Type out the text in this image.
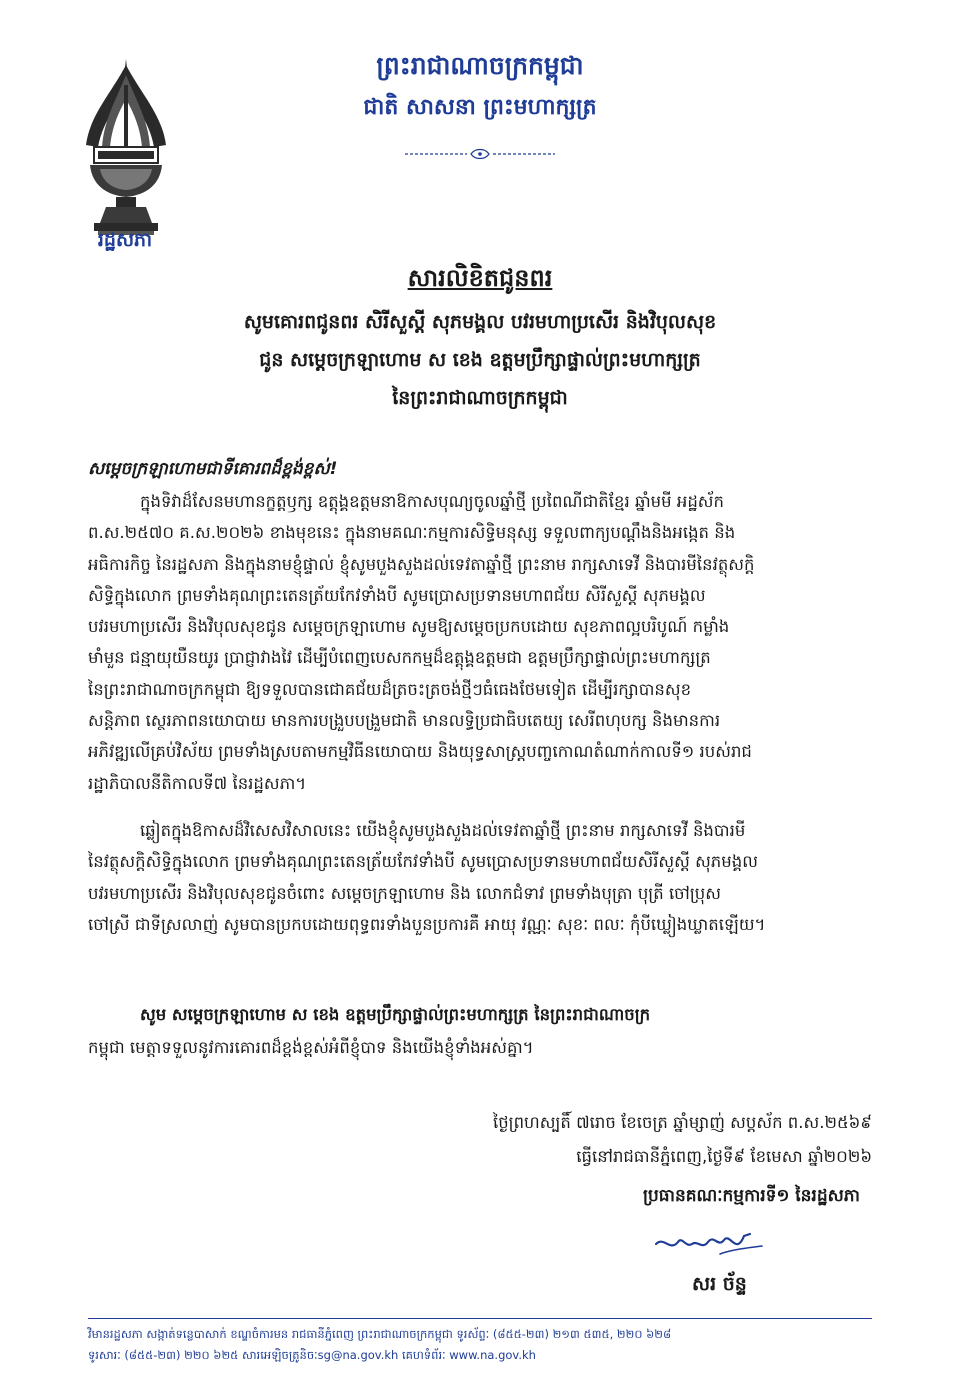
រដ្ឋសភា
ព្រះរាជាណាចក្រកម្ពុជា
ជាតិ សាសនា ព្រះមហាក្សត្រ
សារលិខិតជូនពរ
សូមគោរពជូនពរ សិរីសួស្តី សុភមង្គល បវរមហាប្រសើរ និងវិបុលសុខ
ជូន សម្តេចក្រឡាហោម ស ខេង ឧត្តមប្រឹក្សាផ្ទាល់ព្រះមហាក្សត្រ
នៃព្រះរាជាណាចក្រកម្ពុជា
សម្តេចក្រឡាហោមជាទីគោរពដ៏ខ្ពង់ខ្ពស់!
ក្នុងទិវាដ៏សែនមហានក្ខត្តឫក្ស ឧត្តុង្គឧត្តមនាឱកាសបុណ្យចូលឆ្នាំថ្មី ប្រពៃណីជាតិខ្មែរ ឆ្នាំមមី អដ្ឋស័ក
ព.ស.២៥៧០ គ.ស.២០២៦ ខាងមុខនេះ ក្នុងនាមគណៈកម្មការសិទ្ធិមនុស្ស ទទួលពាក្យបណ្តឹងនិងអង្កេត និង
អធិការកិច្ច នៃរដ្ឋសភា និងក្នុងនាមខ្ញុំផ្ទាល់ ខ្ញុំសូមបួងសួងដល់ទេវតាឆ្នាំថ្មី ព្រះនាម រាក្សសាទេវី និងបារមីនៃវត្ថុសក្តិ
សិទ្ធិក្នុងលោក ព្រមទាំងគុណព្រះតេនត្រ័យកែវទាំងបី សូមប្រោសប្រទានមហាពជ័យ សិរីសួស្តី សុភមង្គល
បវរមហាប្រសើរ និងវិបុលសុខជូន សម្តេចក្រឡាហោម សូមឱ្យសម្តេចប្រកបដោយ សុខភាពល្អបរិបូណ៍ កម្លាំង
មាំមួន ជន្មាយុយឺនយូរ ប្រាជ្ញាវាងវៃ ដើម្បីបំពេញបេសកកម្មដ៏ឧត្តុង្គឧត្តមជា ឧត្តមប្រឹក្សាផ្ទាល់ព្រះមហាក្សត្រ
នៃព្រះរាជាណាចក្រកម្ពុជា ឱ្យទទួលបានជោគជ័យដ៏ត្រចះត្រចង់ថ្មីៗធំធេងថែមទៀត ដើម្បីរក្សាបានសុខ
សន្តិភាព ស្ថេរភាពនយោបាយ មានការបង្រួបបង្រួមជាតិ មានលទ្ធិប្រជាធិបតេយ្យ សេរីពហុបក្ស និងមានការ
អភិវឌ្ឍលើគ្រប់វិស័យ ព្រមទាំងស្របតាមកម្មវិធីនយោបាយ និងយុទ្ធសាស្ត្របញ្ចកោណតំណាក់កាលទី១ របស់រាជ
រដ្ឋាភិបាលនីតិកាលទី៧ នៃរដ្ឋសភា។
ឆ្លៀតក្នុងឱកាសដ៏វិសេសវិសាលនេះ យើងខ្ញុំសូមបួងសួងដល់ទេវតាឆ្នាំថ្មី ព្រះនាម រាក្សសាទេវី និងបារមី
នៃវត្ថុសក្តិសិទ្ធិក្នុងលោក ព្រមទាំងគុណព្រះតេនត្រ័យកែវទាំងបី សូមប្រោសប្រទានមហាពជ័យសិរីសួស្តី សុភមង្គល
បវរមហាប្រសើរ និងវិបុលសុខជូនចំពោះ សម្តេចក្រឡាហោម និង លោកជំទាវ ព្រមទាំងបុត្រា បុត្រី ចៅប្រុស
ចៅស្រី ជាទីស្រលាញ់ សូមបានប្រកបដោយពុទ្ធពរទាំងបួនប្រការគឺ អាយុ វណ្ណៈ សុខៈ ពលៈ កុំបីឃ្លៀងឃ្លាតឡើយ។
សូម សម្តេចក្រឡាហោម ស ខេង ឧត្តមប្រឹក្សាផ្ទាល់ព្រះមហាក្សត្រ នៃព្រះរាជាណាចក្រ
កម្ពុជា មេត្តាទទួលនូវការគោរពដ៏ខ្ពង់ខ្ពស់អំពីខ្ញុំបាទ និងយើងខ្ញុំទាំងអស់គ្នា។
ថ្ងៃព្រហស្បតិ៍ ៧រោច ខែចេត្រ ឆ្នាំម្សាញ់ សប្តស័ក ព.ស.២៥៦៩
ធ្វើនៅរាជធានីភ្នំពេញ,ថ្ងៃទី៩ ខែមេសា ឆ្នាំ២០២៦
ប្រធានគណៈកម្មការទី១ នៃរដ្ឋសភា
សរ ច័ន្ទ
វិមានរដ្ឋសភា សង្កាត់ទន្លេបាសាក់ ខណ្ឌចំការមន រាជធានីភ្នំពេញ ព្រះរាជាណាចក្រកម្ពុជា ទូរស័ព្ទៈ (៨៥៥-២៣) ២១៣ ៥៣៥, ២២០ ៦២៨
ទូរសារៈ (៨៥៥-២៣) ២២០ ៦២៥ សារអេឡិចត្រូនិចៈsg@na.gov.kh គេហទំព័រៈ www.na.gov.kh
